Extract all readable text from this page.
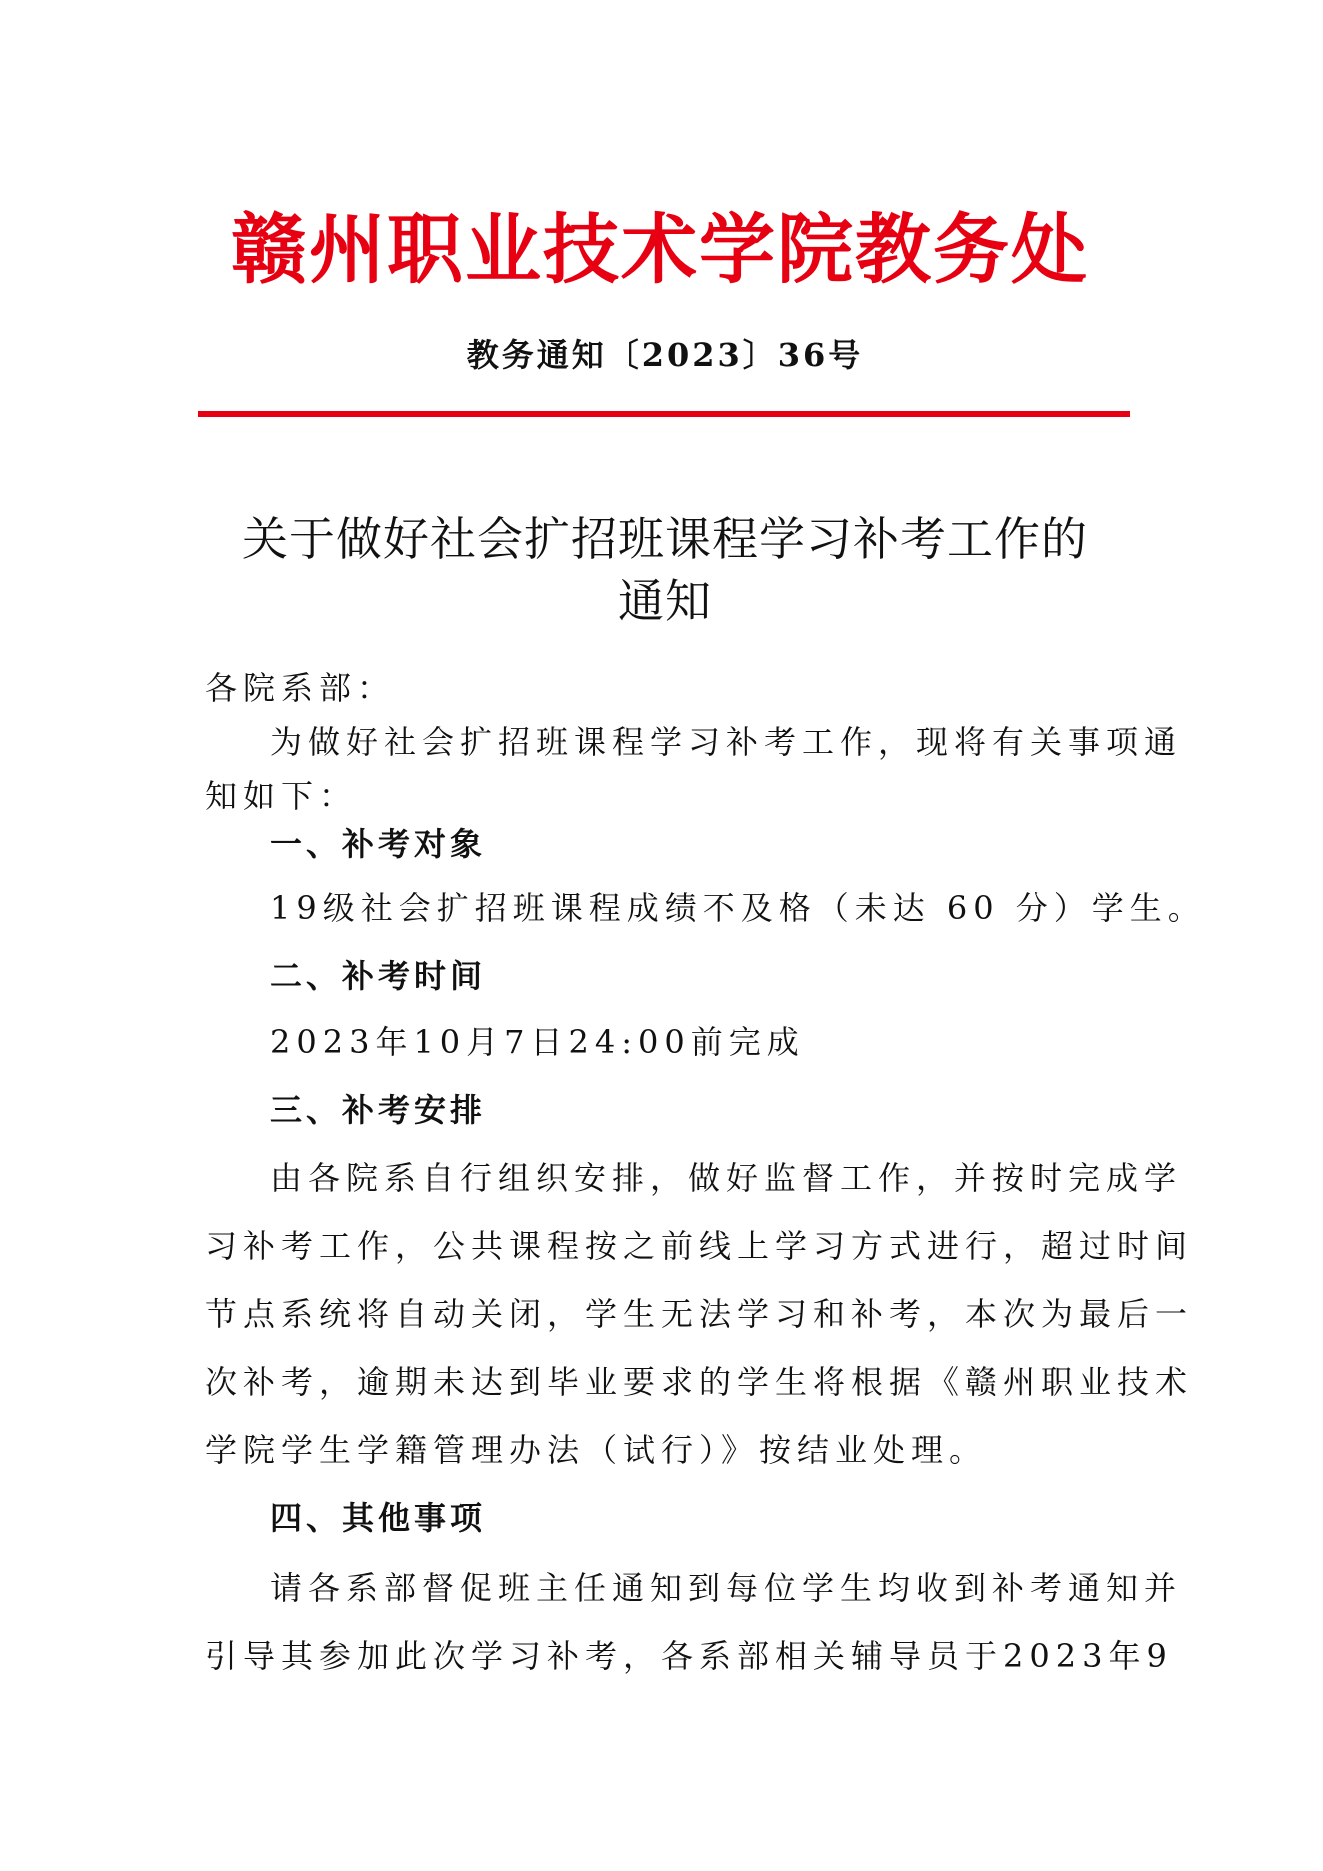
赣州职业技术学院教务处
教务通知〔2023〕36号
关于做好社会扩招班课程学习补考工作的
通知
各院系部：
为做好社会扩招班课程学习补考工作，现将有关事项通
知如下：
一、补考对象
19级社会扩招班课程成绩不及格（未达 60 分）学生。
二、补考时间
2023年10月7日24:00前完成
三、补考安排
由各院系自行组织安排，做好监督工作，并按时完成学
习补考工作，公共课程按之前线上学习方式进行，超过时间
节点系统将自动关闭，学生无法学习和补考，本次为最后一
次补考，逾期未达到毕业要求的学生将根据《赣州职业技术
学院学生学籍管理办法（试行）》按结业处理。
四、其他事项
请各系部督促班主任通知到每位学生均收到补考通知并
引导其参加此次学习补考，各系部相关辅导员于2023年9
